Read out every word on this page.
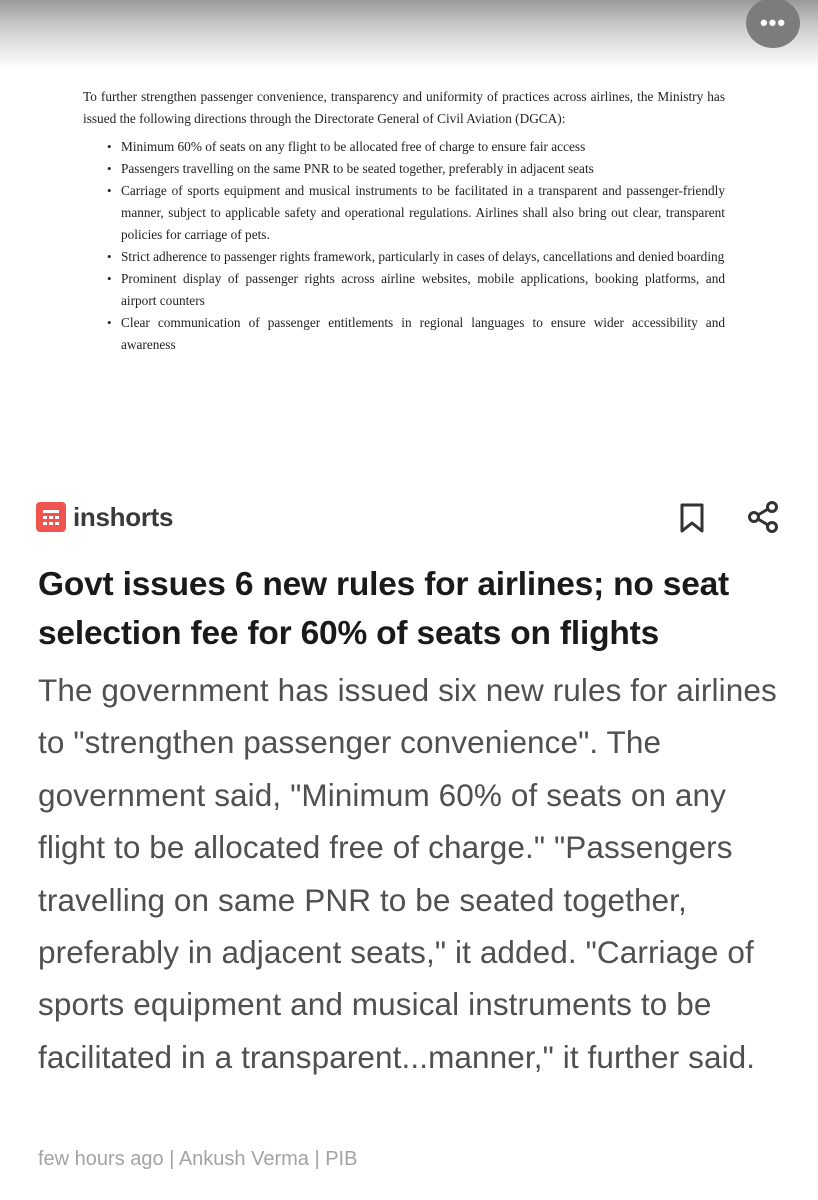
•••

To further strengthen passenger convenience, transparency and uniformity of practices across airlines, the Ministry has issued the following directions through the Directorate General of Civil Aviation (DGCA):

• Minimum 60% of seats on any flight to be allocated free of charge to ensure fair access
• Passengers travelling on the same PNR to be seated together, preferably in adjacent seats
• Carriage of sports equipment and musical instruments to be facilitated in a transparent and passenger-friendly manner, subject to applicable safety and operational regulations. Airlines shall also bring out clear, transparent policies for carriage of pets.
• Strict adherence to passenger rights framework, particularly in cases of delays, cancellations and denied boarding
• Prominent display of passenger rights across airline websites, mobile applications, booking platforms, and airport counters
• Clear communication of passenger entitlements in regional languages to ensure wider accessibility and awareness
inshorts
Govt issues 6 new rules for airlines; no seat selection fee for 60% of seats on flights

The government has issued six new rules for airlines to "strengthen passenger convenience". The government said, "Minimum 60% of seats on any flight to be allocated free of charge." "Passengers travelling on same PNR to be seated together, preferably in adjacent seats," it added. "Carriage of sports equipment and musical instruments to be facilitated in a transparent...manner," it further said.

few hours ago | Ankush Verma | PIB
